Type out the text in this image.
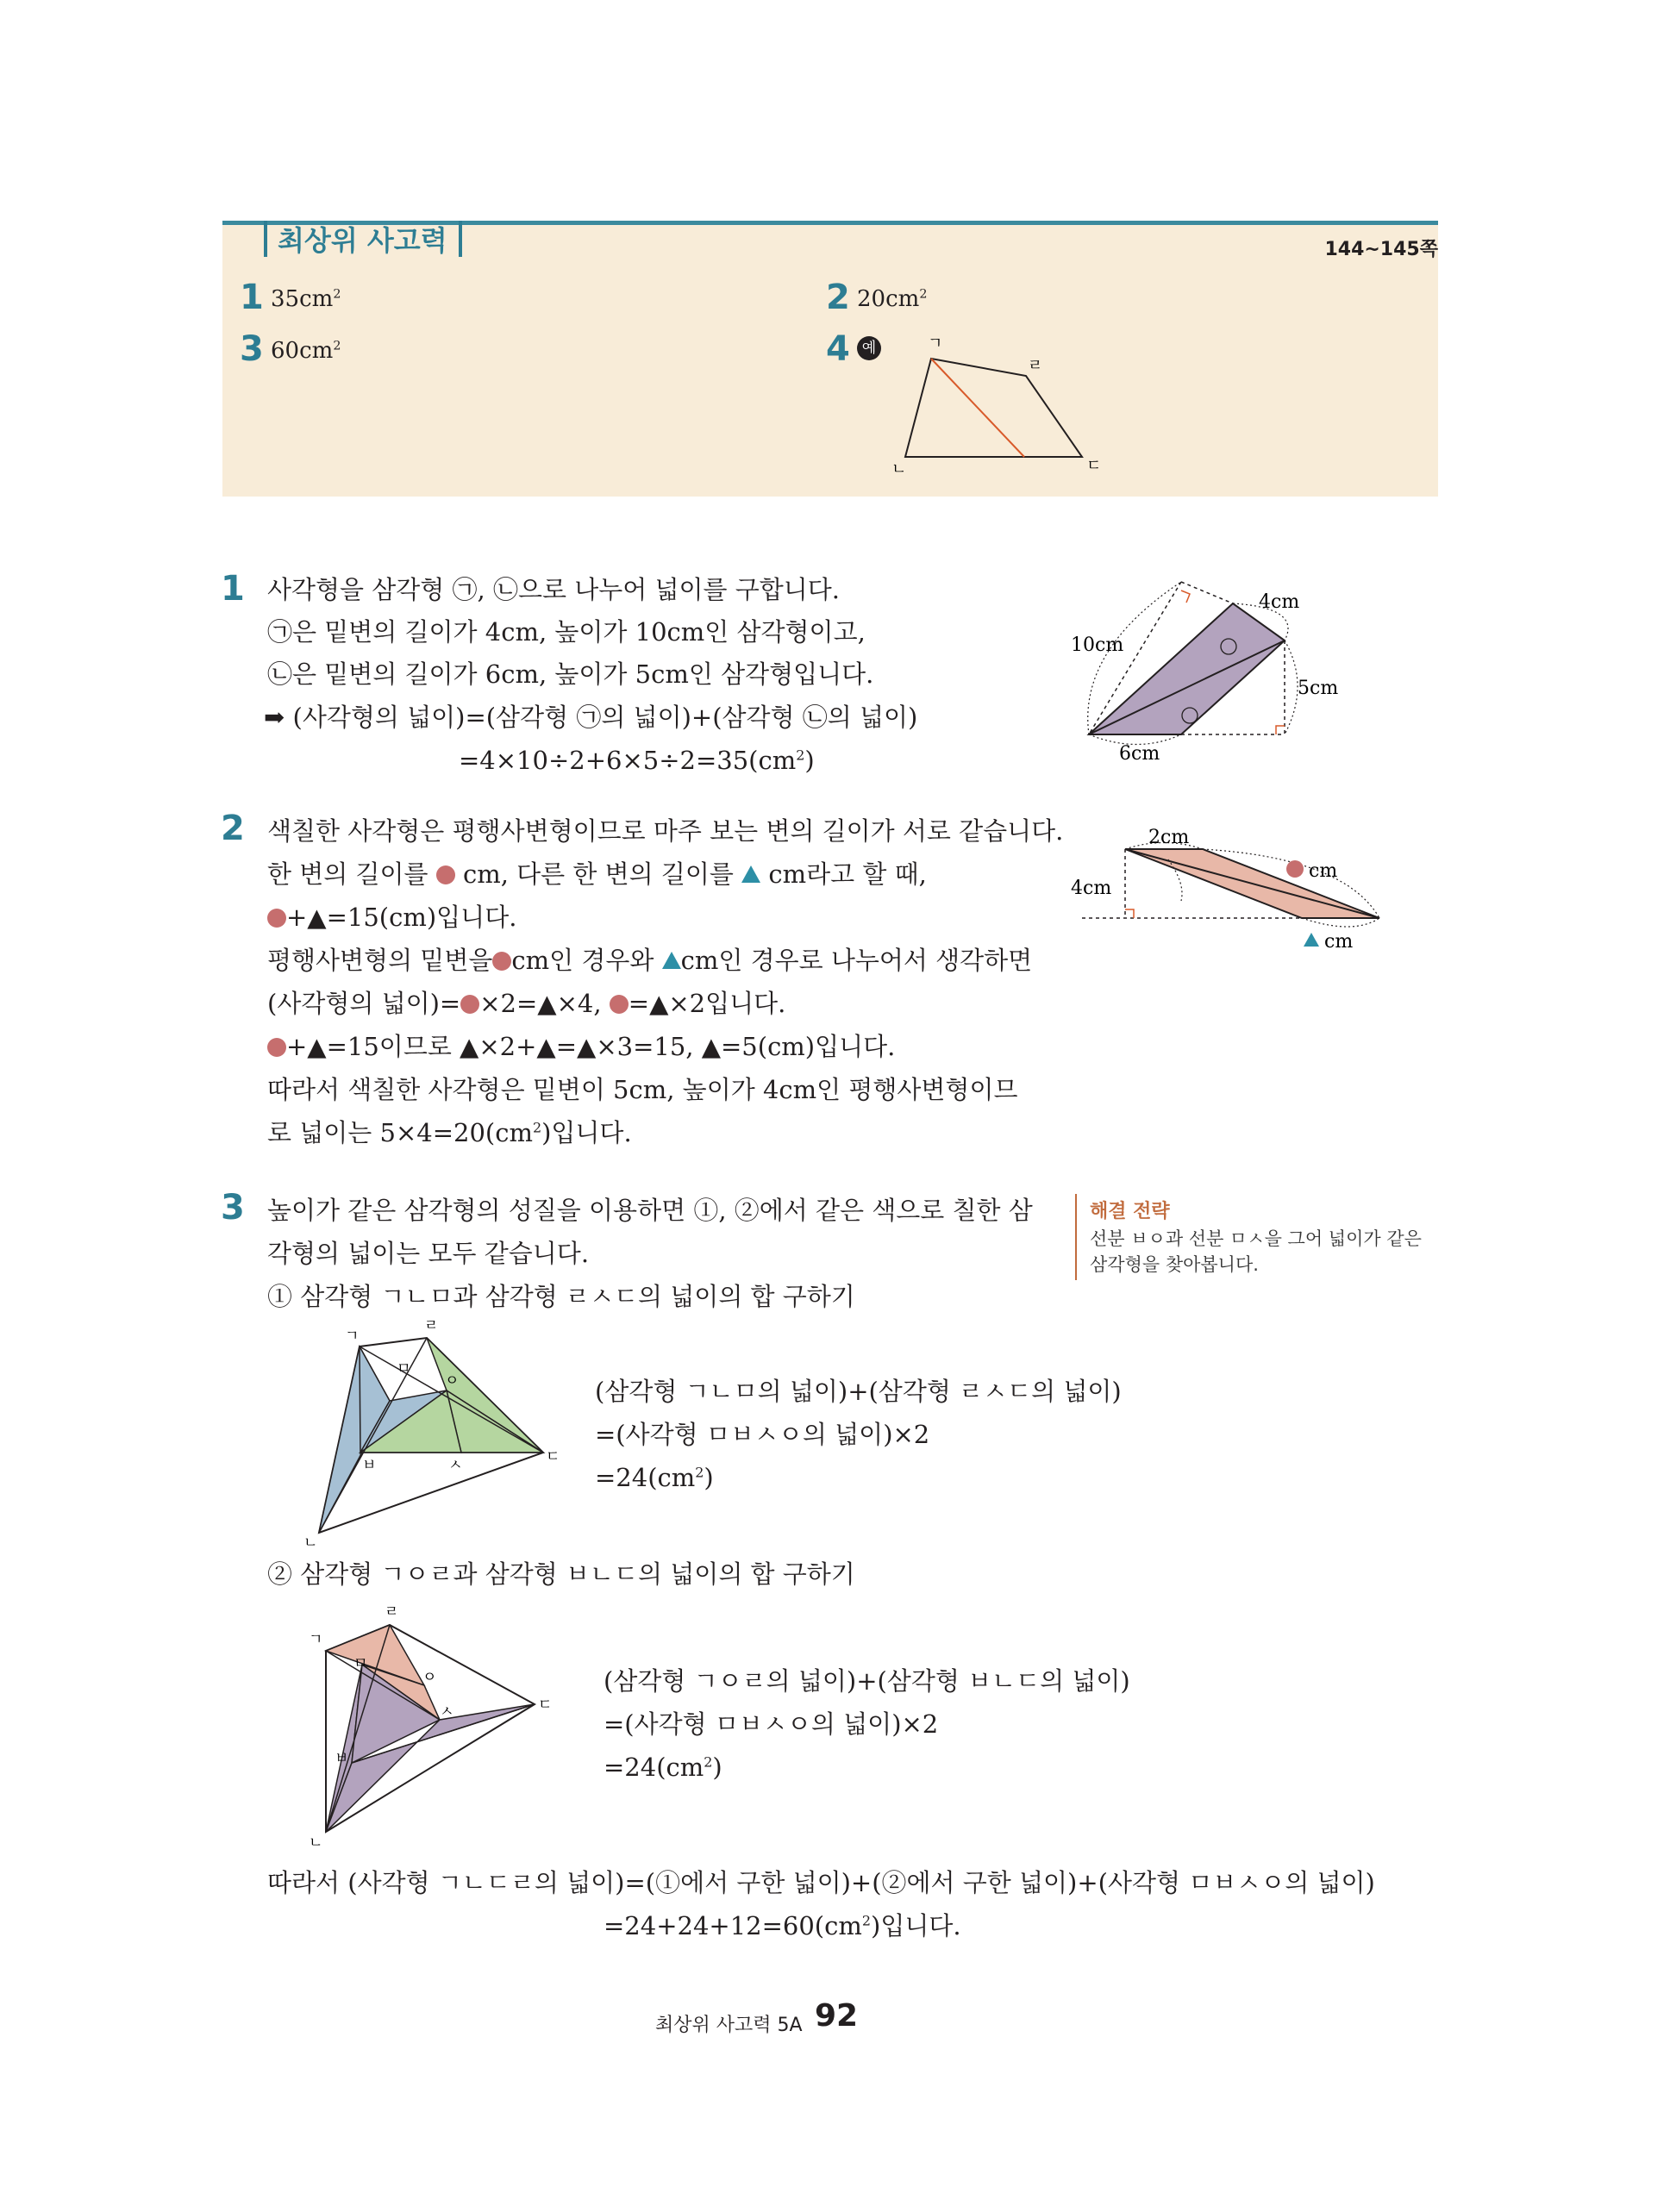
최상위 사고력	144~145쪽
1 $35cm^2$	2 $20cm^2$
3 $60cm^2$	4 예	ㄱ
ㄴ	ㄷ
ㄹ
1 사각형을 삼각형 ㉠, ㉡으로 나누어 넓이를 구합니다.
㉠은 밑변의 길이가 4cm, 높이가 10cm인 삼각형이고,
㉡은 밑변의 길이가 6cm, 높이가 5cm인 삼각형입니다.
➡ (사각형의 넓이)=(삼각형 ㉠의 넓이)+(삼각형 ㉡의 넓이)
$=4\times 10\div 2+6\times 5\div 2=35(cm^2)$
4cm
10cm
5cm
6cm
2 색칠한 사각형은 평행사변형이므로 마주 보는 변의 길이가 서로 같습니다.
한 변의 길이를 cm, 다른 한 변의 길이를 cm라고 할 때,
+▲=15(cm)입니다.
평행사변형의 밑변을 cm인 경우와 cm인 경우로 나누어서 생각하면
(사각형의 넓이)= ×2=▲×4, =▲×2입니다.
+▲=15이므로 ▲×2+▲=▲×3=15, ▲=5(cm)입니다.
따라서 색칠한 사각형은 밑변이 5cm, 높이가 4cm인 평행사변형이므
로 넓이는 $5\times 4=20(cm^2)$입니다.
2cm
4cm
cm
cm
3 높이가 같은 삼각형의 성질을 이용하면 ①, ②에서 같은 색으로 칠한 삼
각형의 넓이는 모두 같습니다.
① 삼각형 ㄱㄴㅁ과 삼각형 ㄹㅅㄷ의 넓이의 합 구하기
해결 전략
선분 ㅂㅇ과 선분 ㅁㅅ을 그어 넓이가 같은
삼각형을 찾아봅니다.
ㄱ
ㄹ
ㅁ
ㅇ
ㅂ	ㅅ	ㄷ
ㄴ
(삼각형 ㄱㄴㅁ의 넓이)+(삼각형 ㄹㅅㄷ의 넓이)
=(사각형 ㅁㅂㅅㅇ의 넓이)×2
$=24(cm^2)$
② 삼각형 ㄱㅇㄹ과 삼각형 ㅂㄴㄷ의 넓이의 합 구하기
ㄱ
ㄹ
ㅁ
ㅇ
ㅂ
ㅅ	ㄷ
ㄴ
(삼각형 ㄱㅇㄹ의 넓이)+(삼각형 ㅂㄴㄷ의 넓이)
=(사각형 ㅁㅂㅅㅇ의 넓이)×2
$=24(cm^2)$
따라서 (사각형 ㄱㄴㄷㄹ의 넓이)=(①에서 구한 넓이)+(②에서 구한 넓이)+(사각형 ㅁㅂㅅㅇ의 넓이)
$=24+24+12=60(cm^2)$입니다.
최상위 사고력 5A 92
